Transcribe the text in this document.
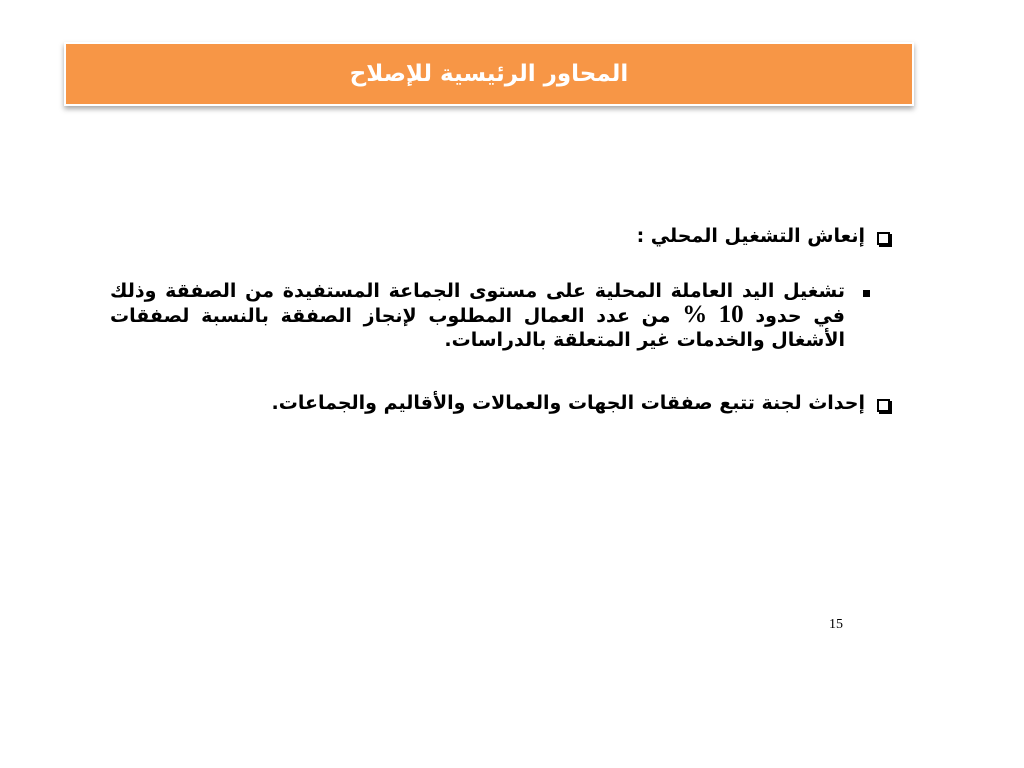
المحاور الرئيسية للإصلاح
إنعاش التشغيل المحلي :
تشغيل اليد العاملة المحلية على مستوى الجماعة المستفيدة من الصفقة وذلك في حدود 10 % من عدد العمال المطلوب لإنجاز الصفقة بالنسبة لصفقات الأشغال والخدمات غير المتعلقة بالدراسات.
إحداث لجنة تتبع صفقات الجهات والعمالات والأقاليم والجماعات.
15
